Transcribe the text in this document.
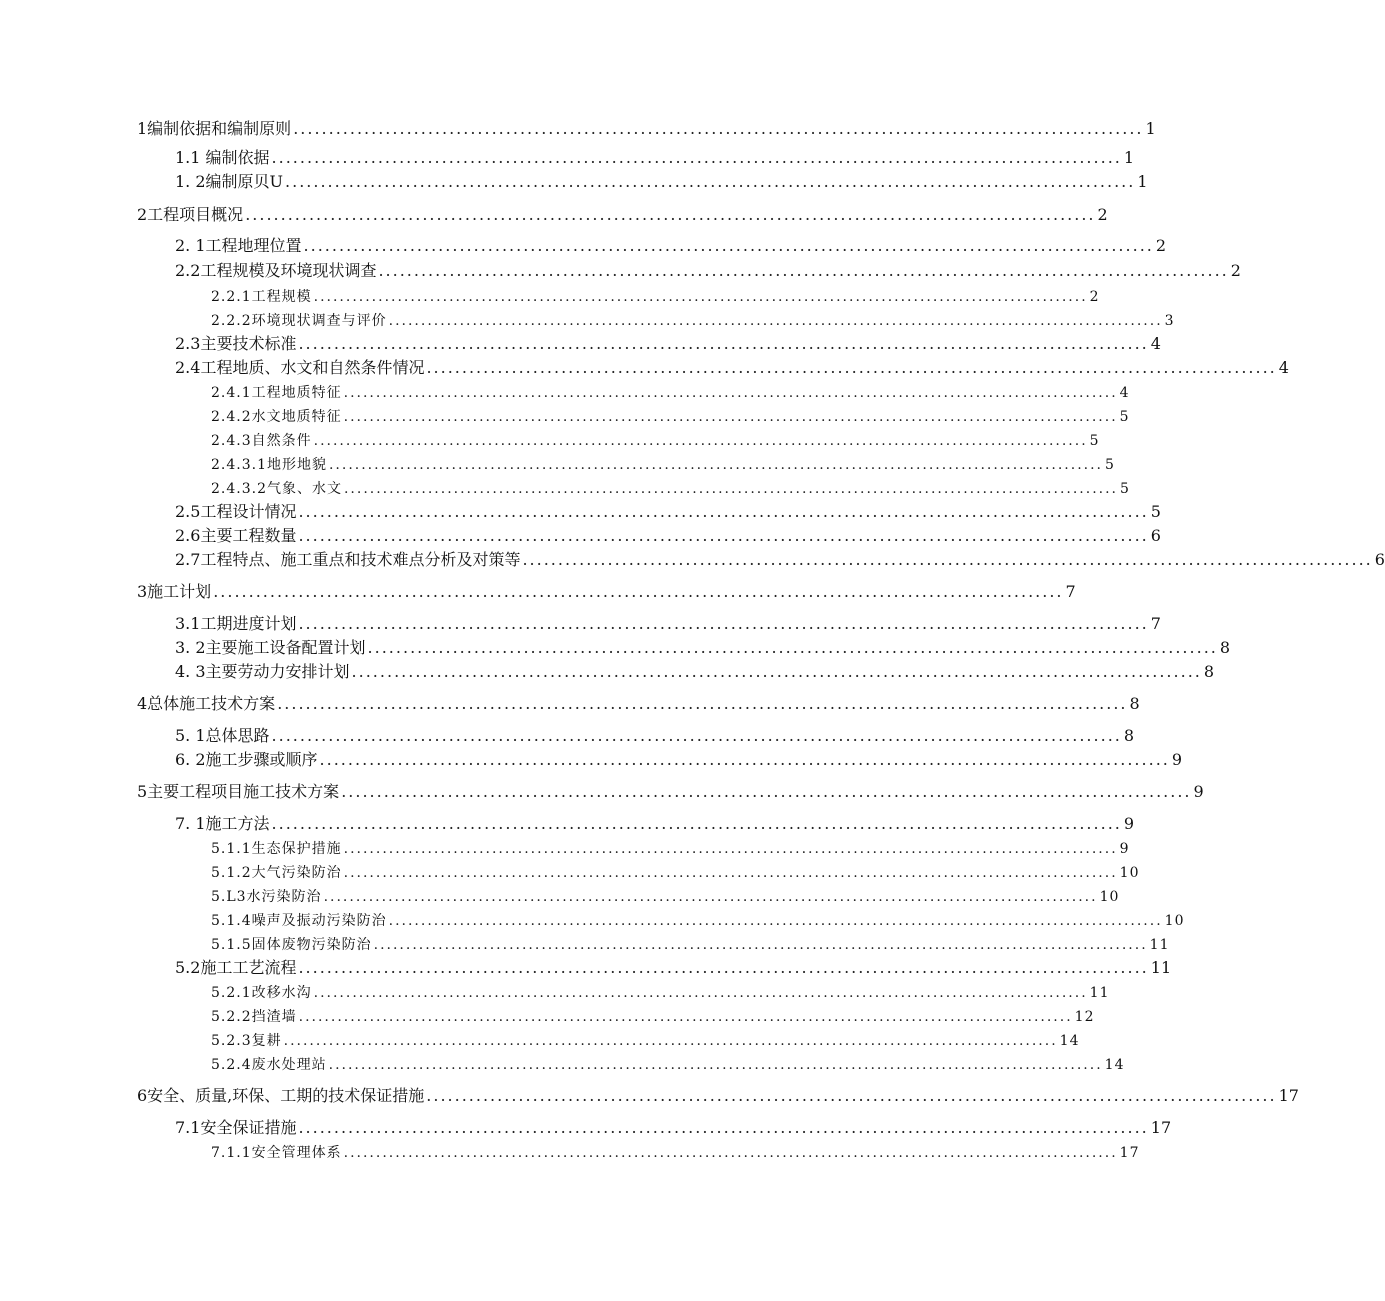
1编制依据和编制原则 ........................................................................................................................ 1
1.1 编制依据 ........................................................................................................................ 1
1. 2编制原贝U ........................................................................................................................ 1
2工程项目概况 ........................................................................................................................ 2
2. 1工程地理位置 ........................................................................................................................ 2
2.2工程规模及环境现状调查 ........................................................................................................................ 2
2.2.1工程规模 ........................................................................................................................ 2
2.2.2环境现状调查与评价 ........................................................................................................................ 3
2.3主要技术标准 ........................................................................................................................ 4
2.4工程地质、水文和自然条件情况 ........................................................................................................................ 4
2.4.1工程地质特征 ........................................................................................................................ 4
2.4.2水文地质特征 ........................................................................................................................ 5
2.4.3自然条件 ........................................................................................................................ 5
2.4.3.1地形地貌 ........................................................................................................................ 5
2.4.3.2气象、水文 ........................................................................................................................ 5
2.5工程设计情况 ........................................................................................................................ 5
2.6主要工程数量 ........................................................................................................................ 6
2.7工程特点、施工重点和技术难点分析及对策等 ........................................................................................................................ 6
3施工计划 ........................................................................................................................ 7
3.1工期进度计划 ........................................................................................................................ 7
3. 2主要施工设备配置计划 ........................................................................................................................ 8
4. 3主要劳动力安排计划 ........................................................................................................................ 8
4总体施工技术方案 ........................................................................................................................ 8
5. 1总体思路 ........................................................................................................................ 8
6. 2施工步骤或顺序 ........................................................................................................................ 9
5主要工程项目施工技术方案 ........................................................................................................................ 9
7. 1施工方法 ........................................................................................................................ 9
5.1.1生态保护措施 ........................................................................................................................ 9
5.1.2大气污染防治 ........................................................................................................................ 10
5.L3水污染防治 ........................................................................................................................ 10
5.1.4噪声及振动污染防治 ........................................................................................................................ 10
5.1.5固体废物污染防治 ........................................................................................................................ 11
5.2施工工艺流程 ........................................................................................................................ 11
5.2.1改移水沟 ........................................................................................................................ 11
5.2.2挡渣墙 ........................................................................................................................ 12
5.2.3复耕 ........................................................................................................................ 14
5.2.4废水处理站 ........................................................................................................................ 14
6安全、质量,环保、工期的技术保证措施 ........................................................................................................................ 17
7.1安全保证措施 ........................................................................................................................ 17
7.1.1安全管理体系 ........................................................................................................................ 17
